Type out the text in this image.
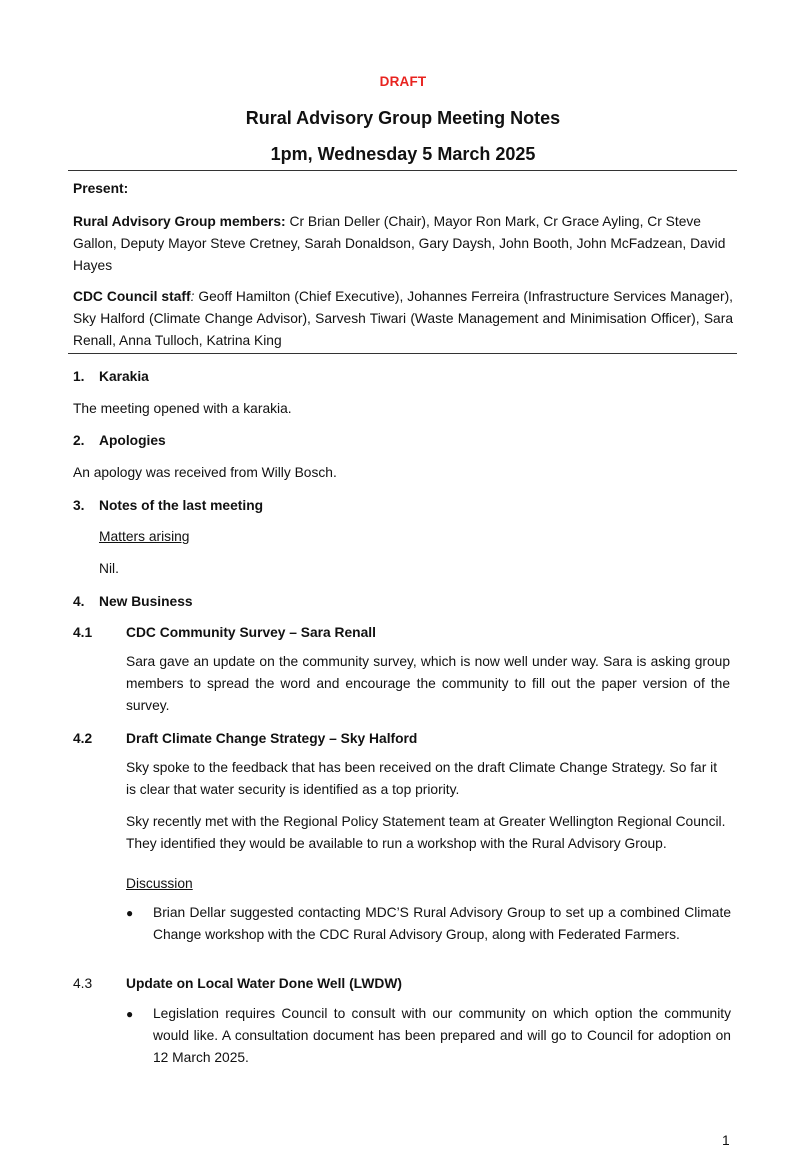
DRAFT
Rural Advisory Group Meeting Notes
1pm, Wednesday 5 March 2025
Present:

Rural Advisory Group members: Cr Brian Deller (Chair), Mayor Ron Mark, Cr Grace Ayling, Cr Steve Gallon, Deputy Mayor Steve Cretney, Sarah Donaldson, Gary Daysh, John Booth, John McFadzean, David Hayes

CDC Council staff: Geoff Hamilton (Chief Executive), Johannes Ferreira (Infrastructure Services Manager), Sky Halford (Climate Change Advisor), Sarvesh Tiwari (Waste Management and Minimisation Officer), Sara Renall, Anna Tulloch, Katrina King

1. Karakia
The meeting opened with a karakia.
2. Apologies
An apology was received from Willy Bosch.
3. Notes of the last meeting
Matters arising
Nil.
4. New Business
4.1 CDC Community Survey – Sara Renall

Sara gave an update on the community survey, which is now well under way. Sara is asking group members to spread the word and encourage the community to fill out the paper version of the survey.

4.2 Draft Climate Change Strategy – Sky Halford

Sky spoke to the feedback that has been received on the draft Climate Change Strategy. So far it is clear that water security is identified as a top priority.

Sky recently met with the Regional Policy Statement team at Greater Wellington Regional Council. They identified they would be available to run a workshop with the Rural Advisory Group.

Discussion
● Brian Dellar suggested contacting MDC’S Rural Advisory Group to set up a combined Climate Change workshop with the CDC Rural Advisory Group, along with Federated Farmers.
4.3 Update on Local Water Done Well (LWDW)
● Legislation requires Council to consult with our community on which option the community would like. A consultation document has been prepared and will go to Council for adoption on 12 March 2025.
1
